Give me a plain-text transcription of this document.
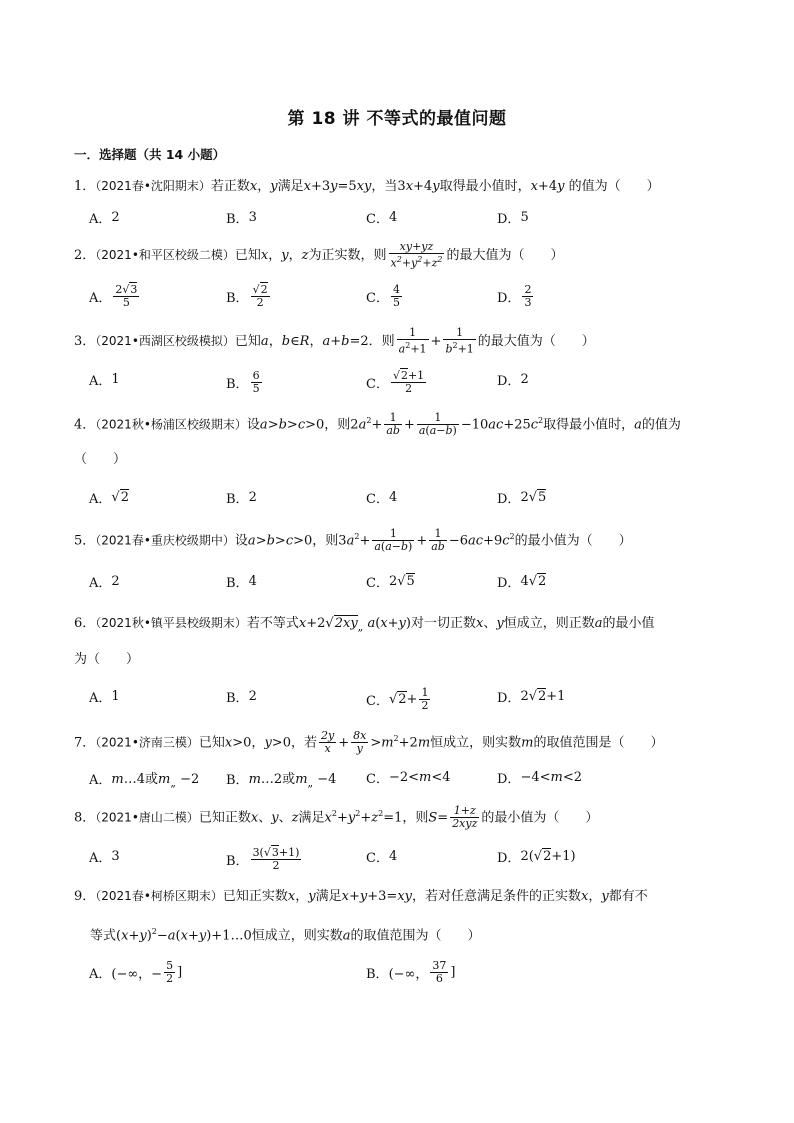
第 18 讲 不等式的最值问题
一．选择题（共 14 小题）
1．（2021春•沈阳期末）若正数x，y满足x+3y=5xy，当3x+4y取得最小值时，x+4y 的值为（　　）
A． 2	B． 3	C． 4	D． 5
2．（2021•和平区校级二模）已知x，y，z为正实数，则 $\frac{xy+yz}{x^2+y^2+z^2}$ 的最大值为（　　）
A． $\frac{2√3}{5}$	B． $\frac{√2}{2}$	C． $\frac{4}{5}$	D． $\frac{2}{3}$
3．（2021•西湖区校级模拟）已知a，b∈R，a+b=2．则 $\frac{1}{a^2+1} + \frac{1}{b^2+1}$ 的最大值为（　　）
A． 1	B． $\frac{6}{5}$	C． $\frac{√2+1}{2}$	D． 2
4．（2021秋•杨浦区校级期末）设a>b>c>0，则$2a^2+ \frac{1}{ab} + \frac{1}{a(a-b)} -10ac+25c^2$取得最小值时，a的值为
（　　）
A． √2	B． 2	C． 4	D． 2√5
5．（2021春•重庆校级期中）设a>b>c>0，则$3a^2+ \frac{1}{a(a-b)} + \frac{1}{ab} -6ac+9c^2$的最小值为（　　）
A． 2	B． 4	C． 2√5	D． 4√2
6．（2021秋•镇平县校级期末）若不等式$x+2√2xy_„$ a(x+y)对一切正数x、y恒成立，则正数a的最小值
为（　　）
A． 1	B． 2	C． $√2+ \frac{1}{2}$	D． 2√2+1
7．（2021•济南三模）已知x>0，y>0，若 $\frac{2y}{x} + \frac{8x}{y} >m^2+2m$恒成立，则实数m的取值范围是（　　）
A． m…4或$m_„ -2$ B． m…2或$m_„ -4$ C． −2<m<4	D． −4<m<2
8．（2021•唐山二模）已知正数x、y、z满足$x^2+y^2+z^2=1$，则$S= \frac{1+z}{\text{2xyz}}$ 的最小值为（　　）
A． 3	B． $\frac{3(√3+1)}{2}$	C． 4	D． 2(√2+1)
9．（2021春•柯桥区期末）已知正实数x，y满足x+y+3=xy，若对任意满足条件的正实数x，y都有不
等式$(x+y)^2-a(x+y)+1\dots 0$恒成立，则实数a的取值范围为（　　）
A． (−∞，− $\frac{5}{2}$ ]	B． (−∞， $\frac{37}{6}$ ]
